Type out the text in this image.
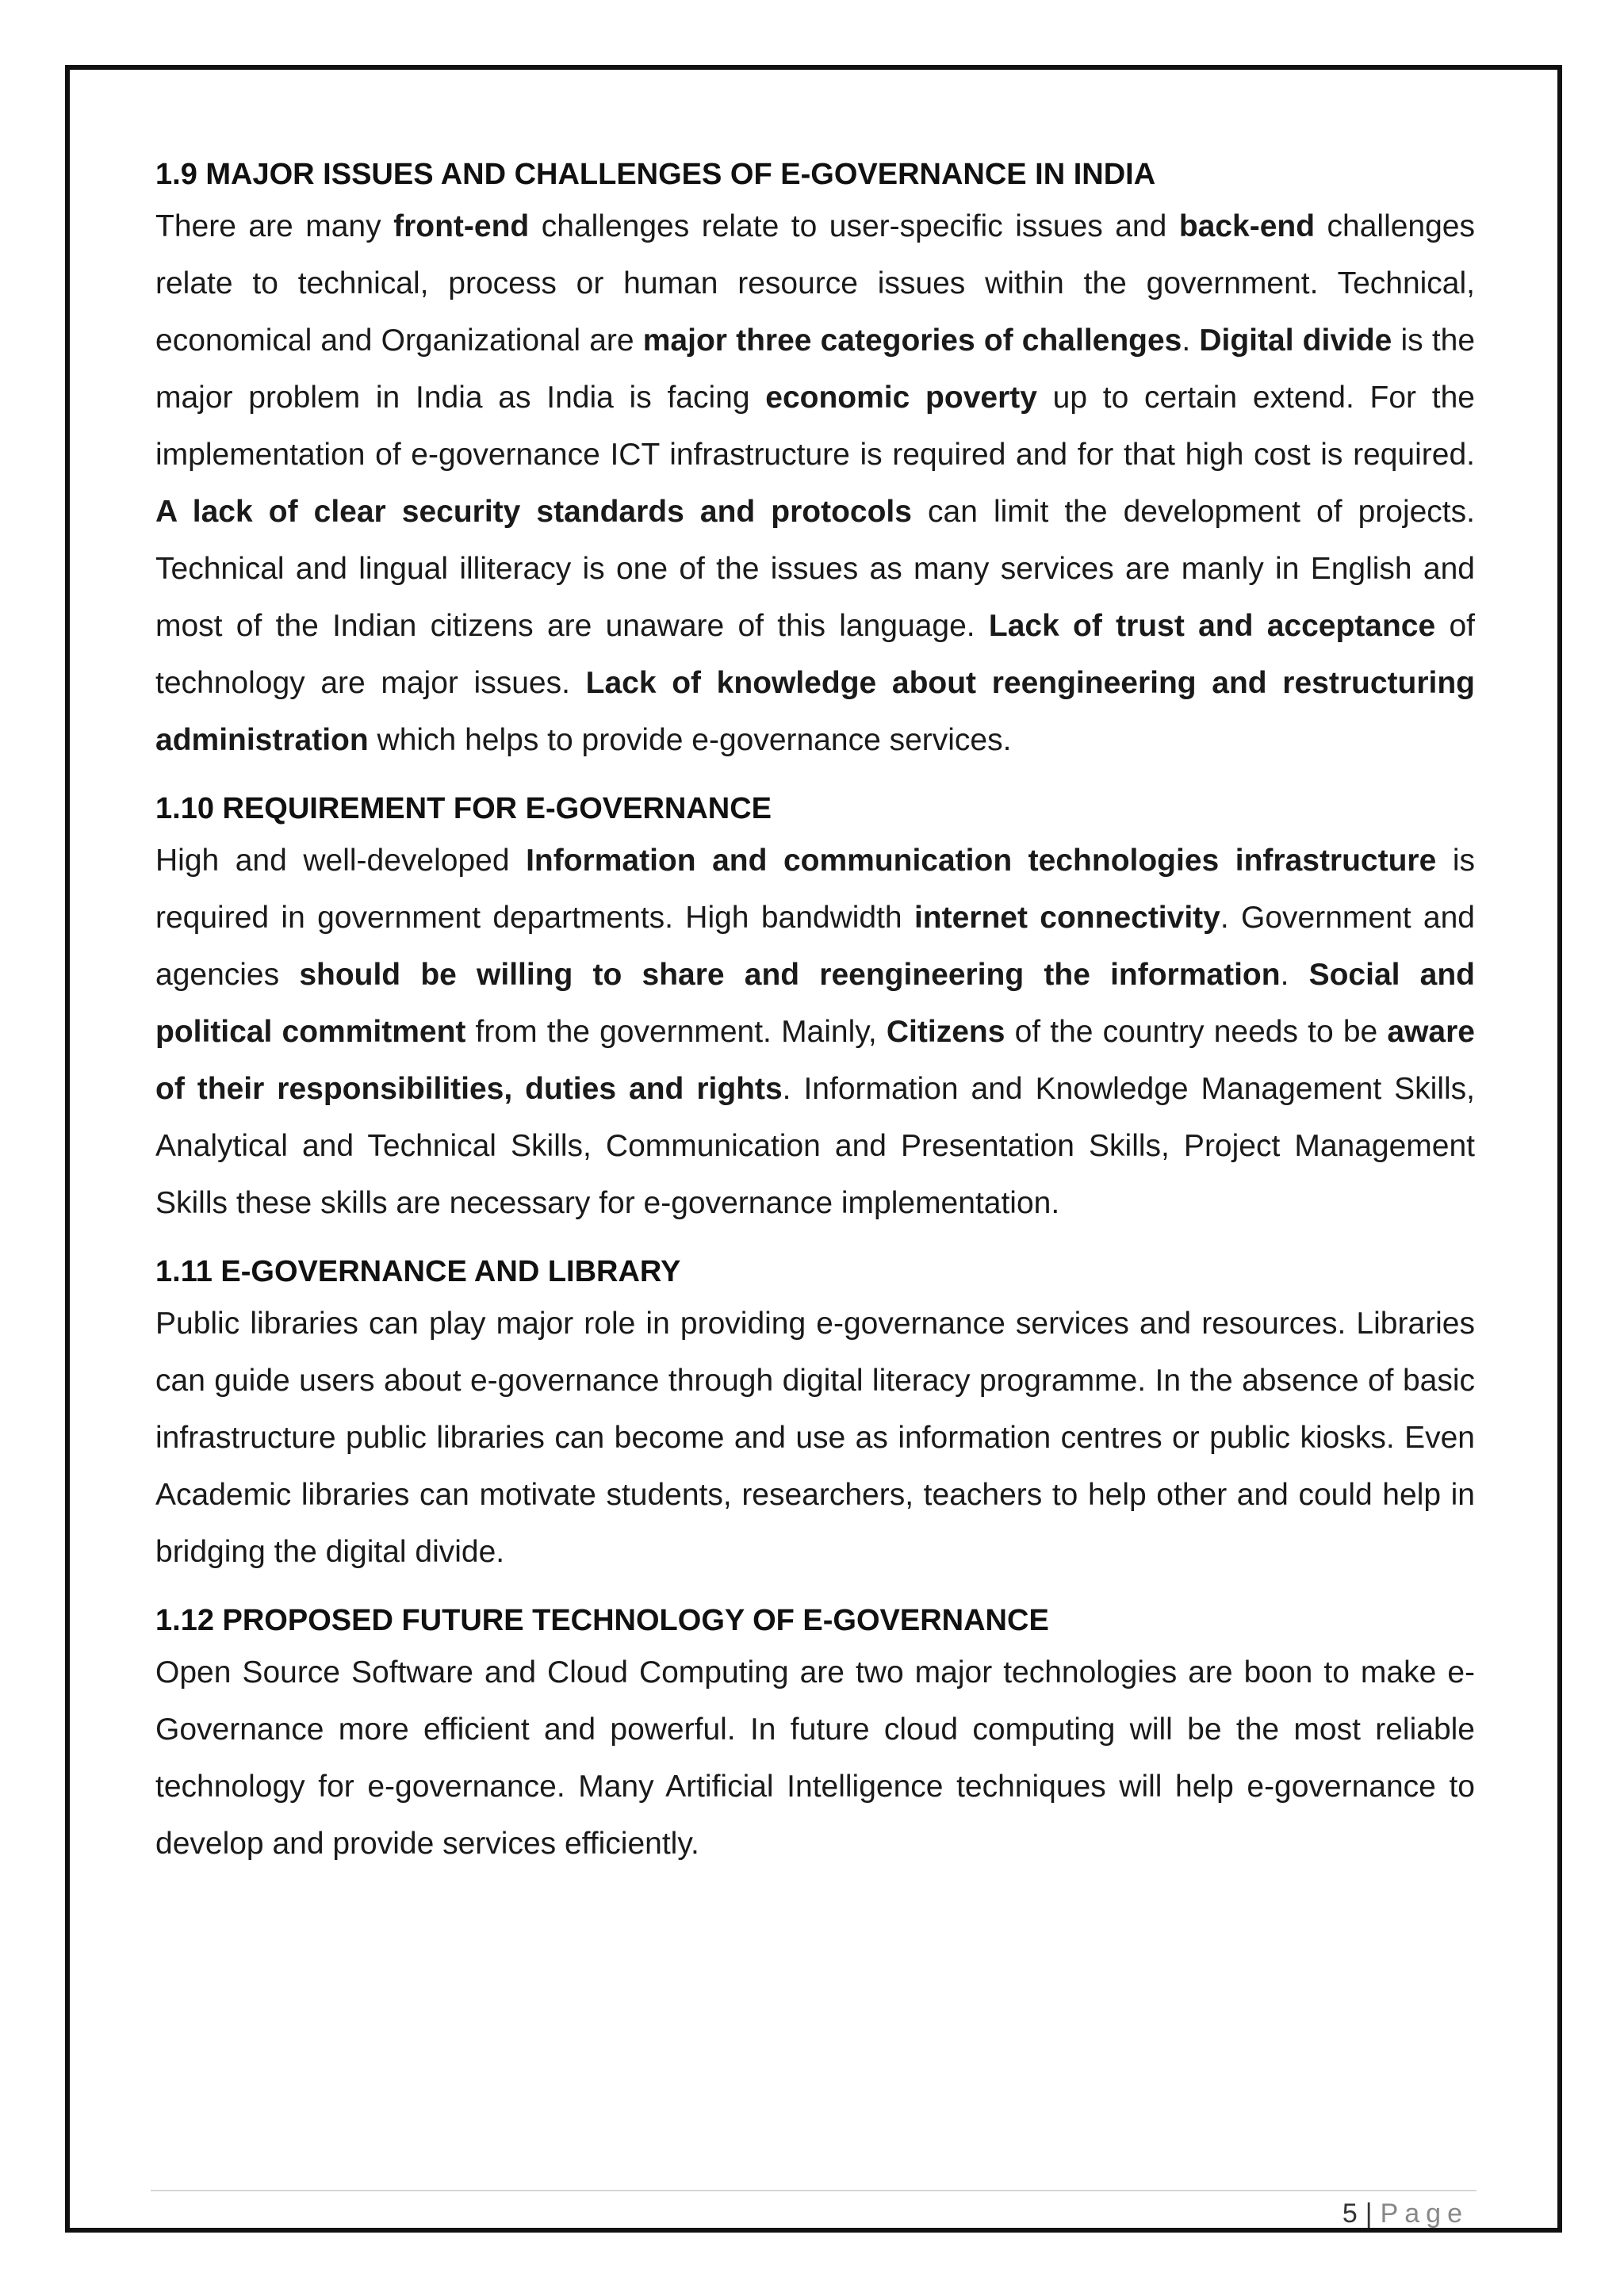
1.9 MAJOR ISSUES AND CHALLENGES OF E-GOVERNANCE IN INDIA

There are many front-end challenges relate to user-specific issues and back-end challenges relate to technical, process or human resource issues within the government. Technical, economical and Organizational are major three categories of challenges. Digital divide is the major problem in India as India is facing economic poverty up to certain extend. For the implementation of e-governance ICT infrastructure is required and for that high cost is required. A lack of clear security standards and protocols can limit the development of projects. Technical and lingual illiteracy is one of the issues as many services are manly in English and most of the Indian citizens are unaware of this language. Lack of trust and acceptance of technology are major issues. Lack of knowledge about reengineering and restructuring administration which helps to provide e-governance services.

1.10 REQUIREMENT FOR E-GOVERNANCE

High and well-developed Information and communication technologies infrastructure is required in government departments. High bandwidth internet connectivity. Government and agencies should be willing to share and reengineering the information. Social and political commitment from the government. Mainly, Citizens of the country needs to be aware of their responsibilities, duties and rights. Information and Knowledge Management Skills, Analytical and Technical Skills, Communication and Presentation Skills, Project Management Skills these skills are necessary for e-governance implementation.

1.11 E-GOVERNANCE AND LIBRARY

Public libraries can play major role in providing e-governance services and resources. Libraries can guide users about e-governance through digital literacy programme. In the absence of basic infrastructure public libraries can become and use as information centres or public kiosks. Even Academic libraries can motivate students, researchers, teachers to help other and could help in bridging the digital divide.

1.12 PROPOSED FUTURE TECHNOLOGY OF E-GOVERNANCE

Open Source Software and Cloud Computing are two major technologies are boon to make e-Governance more efficient and powerful. In future cloud computing will be the most reliable technology for e-governance. Many Artificial Intelligence techniques will help e-governance to develop and provide services efficiently.

5 | Page
